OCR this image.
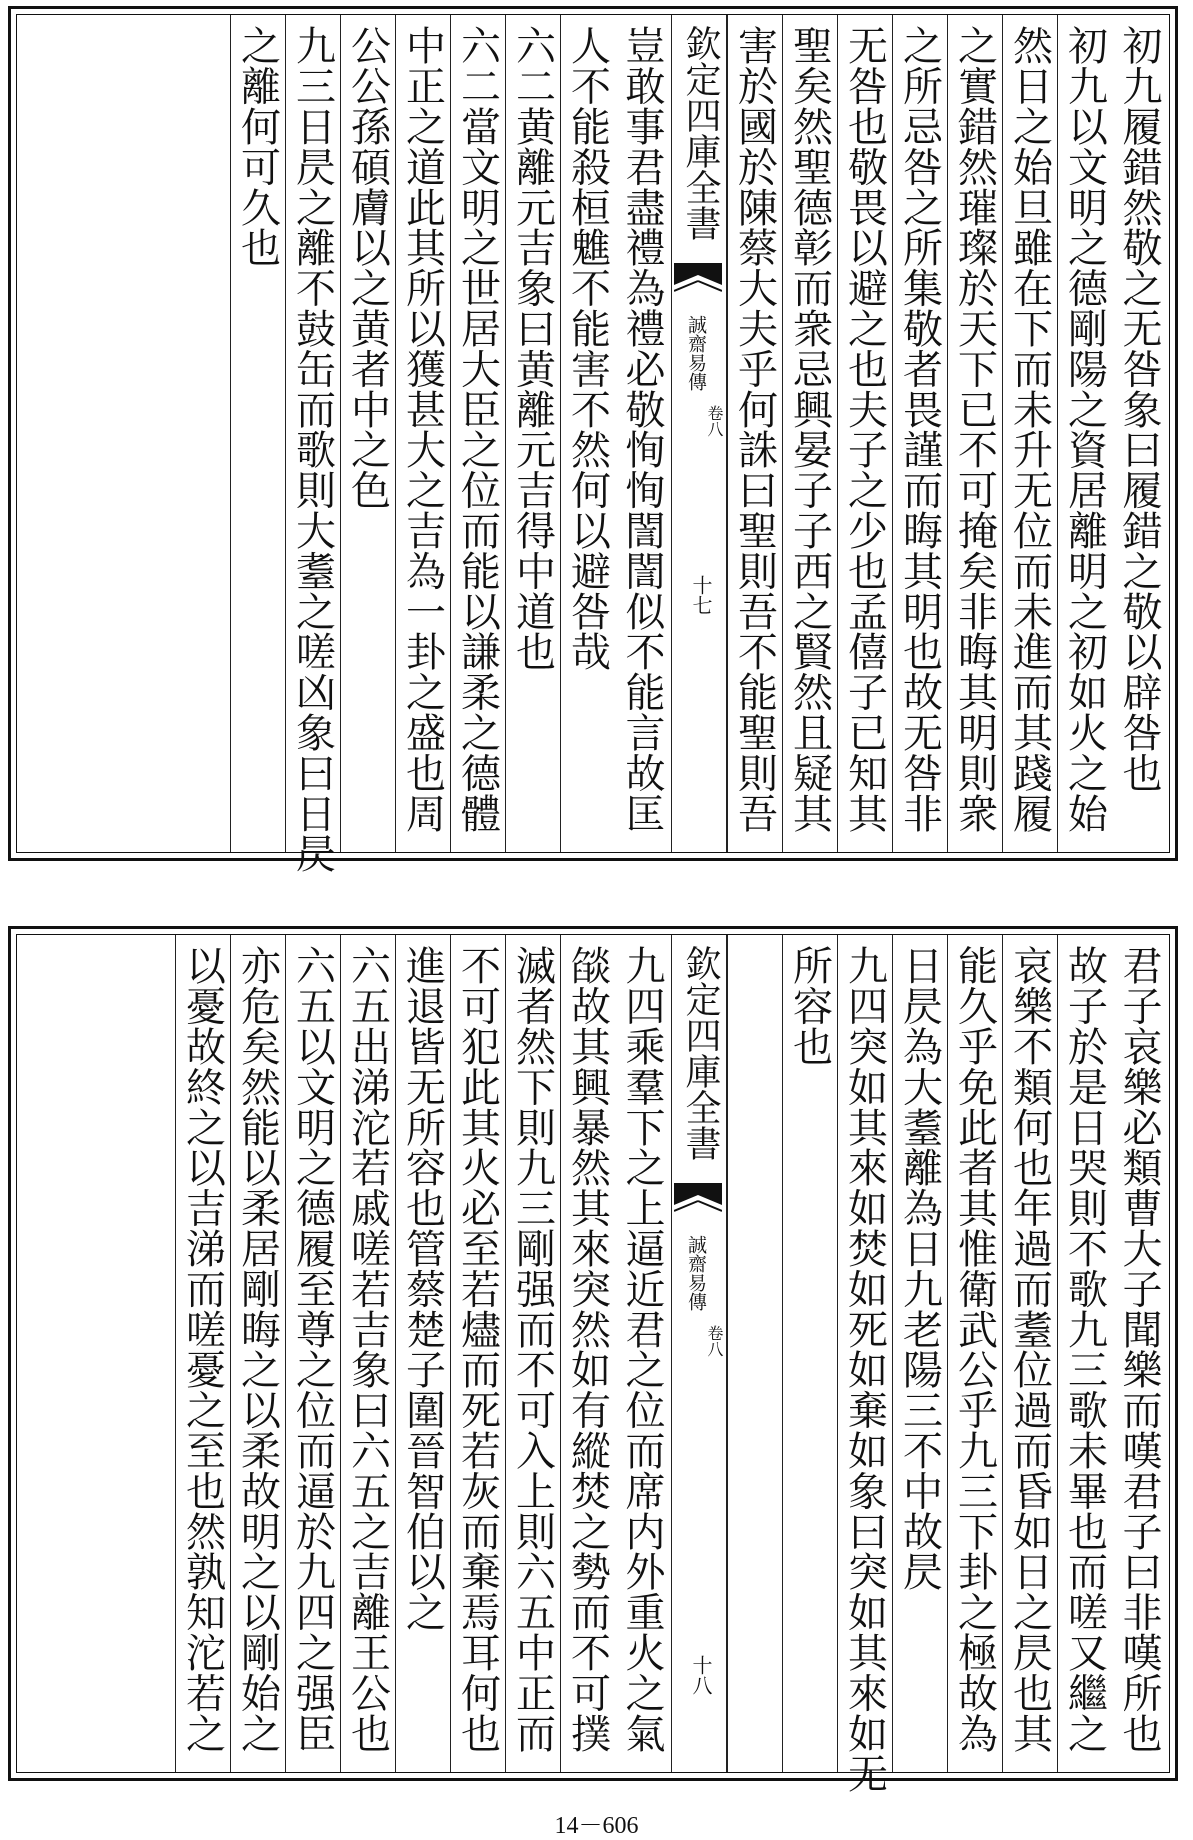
初九履錯然敬之无咎象曰履錯之敬以辟咎也
初九以文明之德剛陽之資居離明之初如火之始
然日之始旦雖在下而未升无位而未進而其踐履
之實錯然璀璨於天下已不可掩矣非晦其明則衆
之所忌咎之所集敬者畏謹而晦其明也故无咎非
无咎也敬畏以避之也夫子之少也孟僖子已知其
聖矣然聖德彰而衆忌興晏子子西之賢然且疑其
害於國於陳蔡大夫乎何誅曰聖則吾不能聖則吾
欽定四庫全書
誠齋易傳
卷八
十七
豈敢事君盡禮為禮必敬恂恂誾誾似不能言故匡
人不能殺桓魋不能害不然何以避咎哉
六二黄離元吉象曰黄離元吉得中道也
六二當文明之世居大臣之位而能以謙柔之德體
中正之道此其所以獲甚大之吉為一卦之盛也周
公公孫碩膚以之黄者中之色
九三日昃之離不鼓缶而歌則大耋之嗟凶象曰日昃
之離何可久也
君子哀樂必類曹大子聞樂而嘆君子曰非嘆所也
故子於是日哭則不歌九三歌未畢也而嗟又繼之
哀樂不類何也年過而耋位過而昏如日之昃也其
能久乎免此者其惟衛武公乎九三下卦之極故為
日昃為大耋離為日九老陽三不中故昃
九四突如其來如焚如死如棄如象曰突如其來如无
所容也
欽定四庫全書
誠齋易傳
卷八
十八
九四乘羣下之上逼近君之位而席内外重火之氣
燄故其興暴然其來突然如有縱焚之勢而不可撲
滅者然下則九三剛强而不可入上則六五中正而
不可犯此其火必至若燼而死若灰而棄焉耳何也
進退皆无所容也管蔡楚子圍晉智伯以之
六五出涕沱若戚嗟若吉象曰六五之吉離王公也
六五以文明之德履至尊之位而逼於九四之强臣
亦危矣然能以柔居剛晦之以柔故明之以剛始之
以憂故終之以吉涕而嗟憂之至也然孰知沱若之
14－606
